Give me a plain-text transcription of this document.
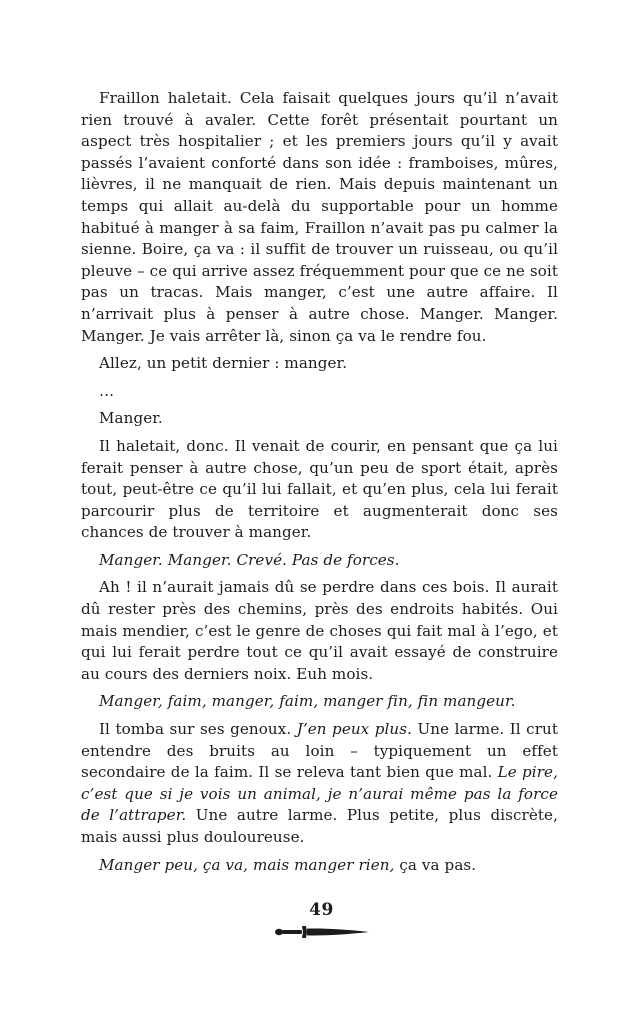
Fraillon haletait. Cela faisait quelques jours qu’il n’avait rien trouvé à avaler. Cette forêt présentait pourtant un aspect très hospitalier ; et les premiers jours qu’il y avait passés l’avaient conforté dans son idée : framboises, mûres, lièvres, il ne manquait de rien. Mais depuis maintenant un temps qui allait au-delà du supportable pour un homme habitué à manger à sa faim, Fraillon n’avait pas pu calmer la sienne. Boire, ça va : il suffit de trouver un ruisseau, ou qu’il pleuve – ce qui arrive assez fréquemment pour que ce ne soit pas un tracas. Mais manger, c’est une autre affaire. Il n’arrivait plus à penser à autre chose. Manger. Manger. Manger. Je vais arrêter là, sinon ça va le rendre fou.

Allez, un petit dernier : manger.

…

Manger.

Il haletait, donc. Il venait de courir, en pensant que ça lui ferait penser à autre chose, qu’un peu de sport était, après tout, peut-être ce qu’il lui fallait, et qu’en plus, cela lui ferait parcourir plus de territoire et augmenterait donc ses chances de trouver à manger.

Manger. Manger. Crevé. Pas de forces.

Ah ! il n’aurait jamais dû se perdre dans ces bois. Il aurait dû rester près des chemins, près des endroits habités. Oui mais mendier, c’est le genre de choses qui fait mal à l’ego, et qui lui ferait perdre tout ce qu’il avait essayé de construire au cours des derniers noix. Euh mois.

Manger, faim, manger, faim, manger fin, fin mangeur.

Il tomba sur ses genoux. J’en peux plus. Une larme. Il crut entendre des bruits au loin – typiquement un effet secondaire de la faim. Il se releva tant bien que mal. Le pire, c’est que si je vois un animal, je n’aurai même pas la force de l’attraper. Une autre larme. Plus petite, plus discrète, mais aussi plus douloureuse.

Manger peu, ça va, mais manger rien, ça va pas.

49
